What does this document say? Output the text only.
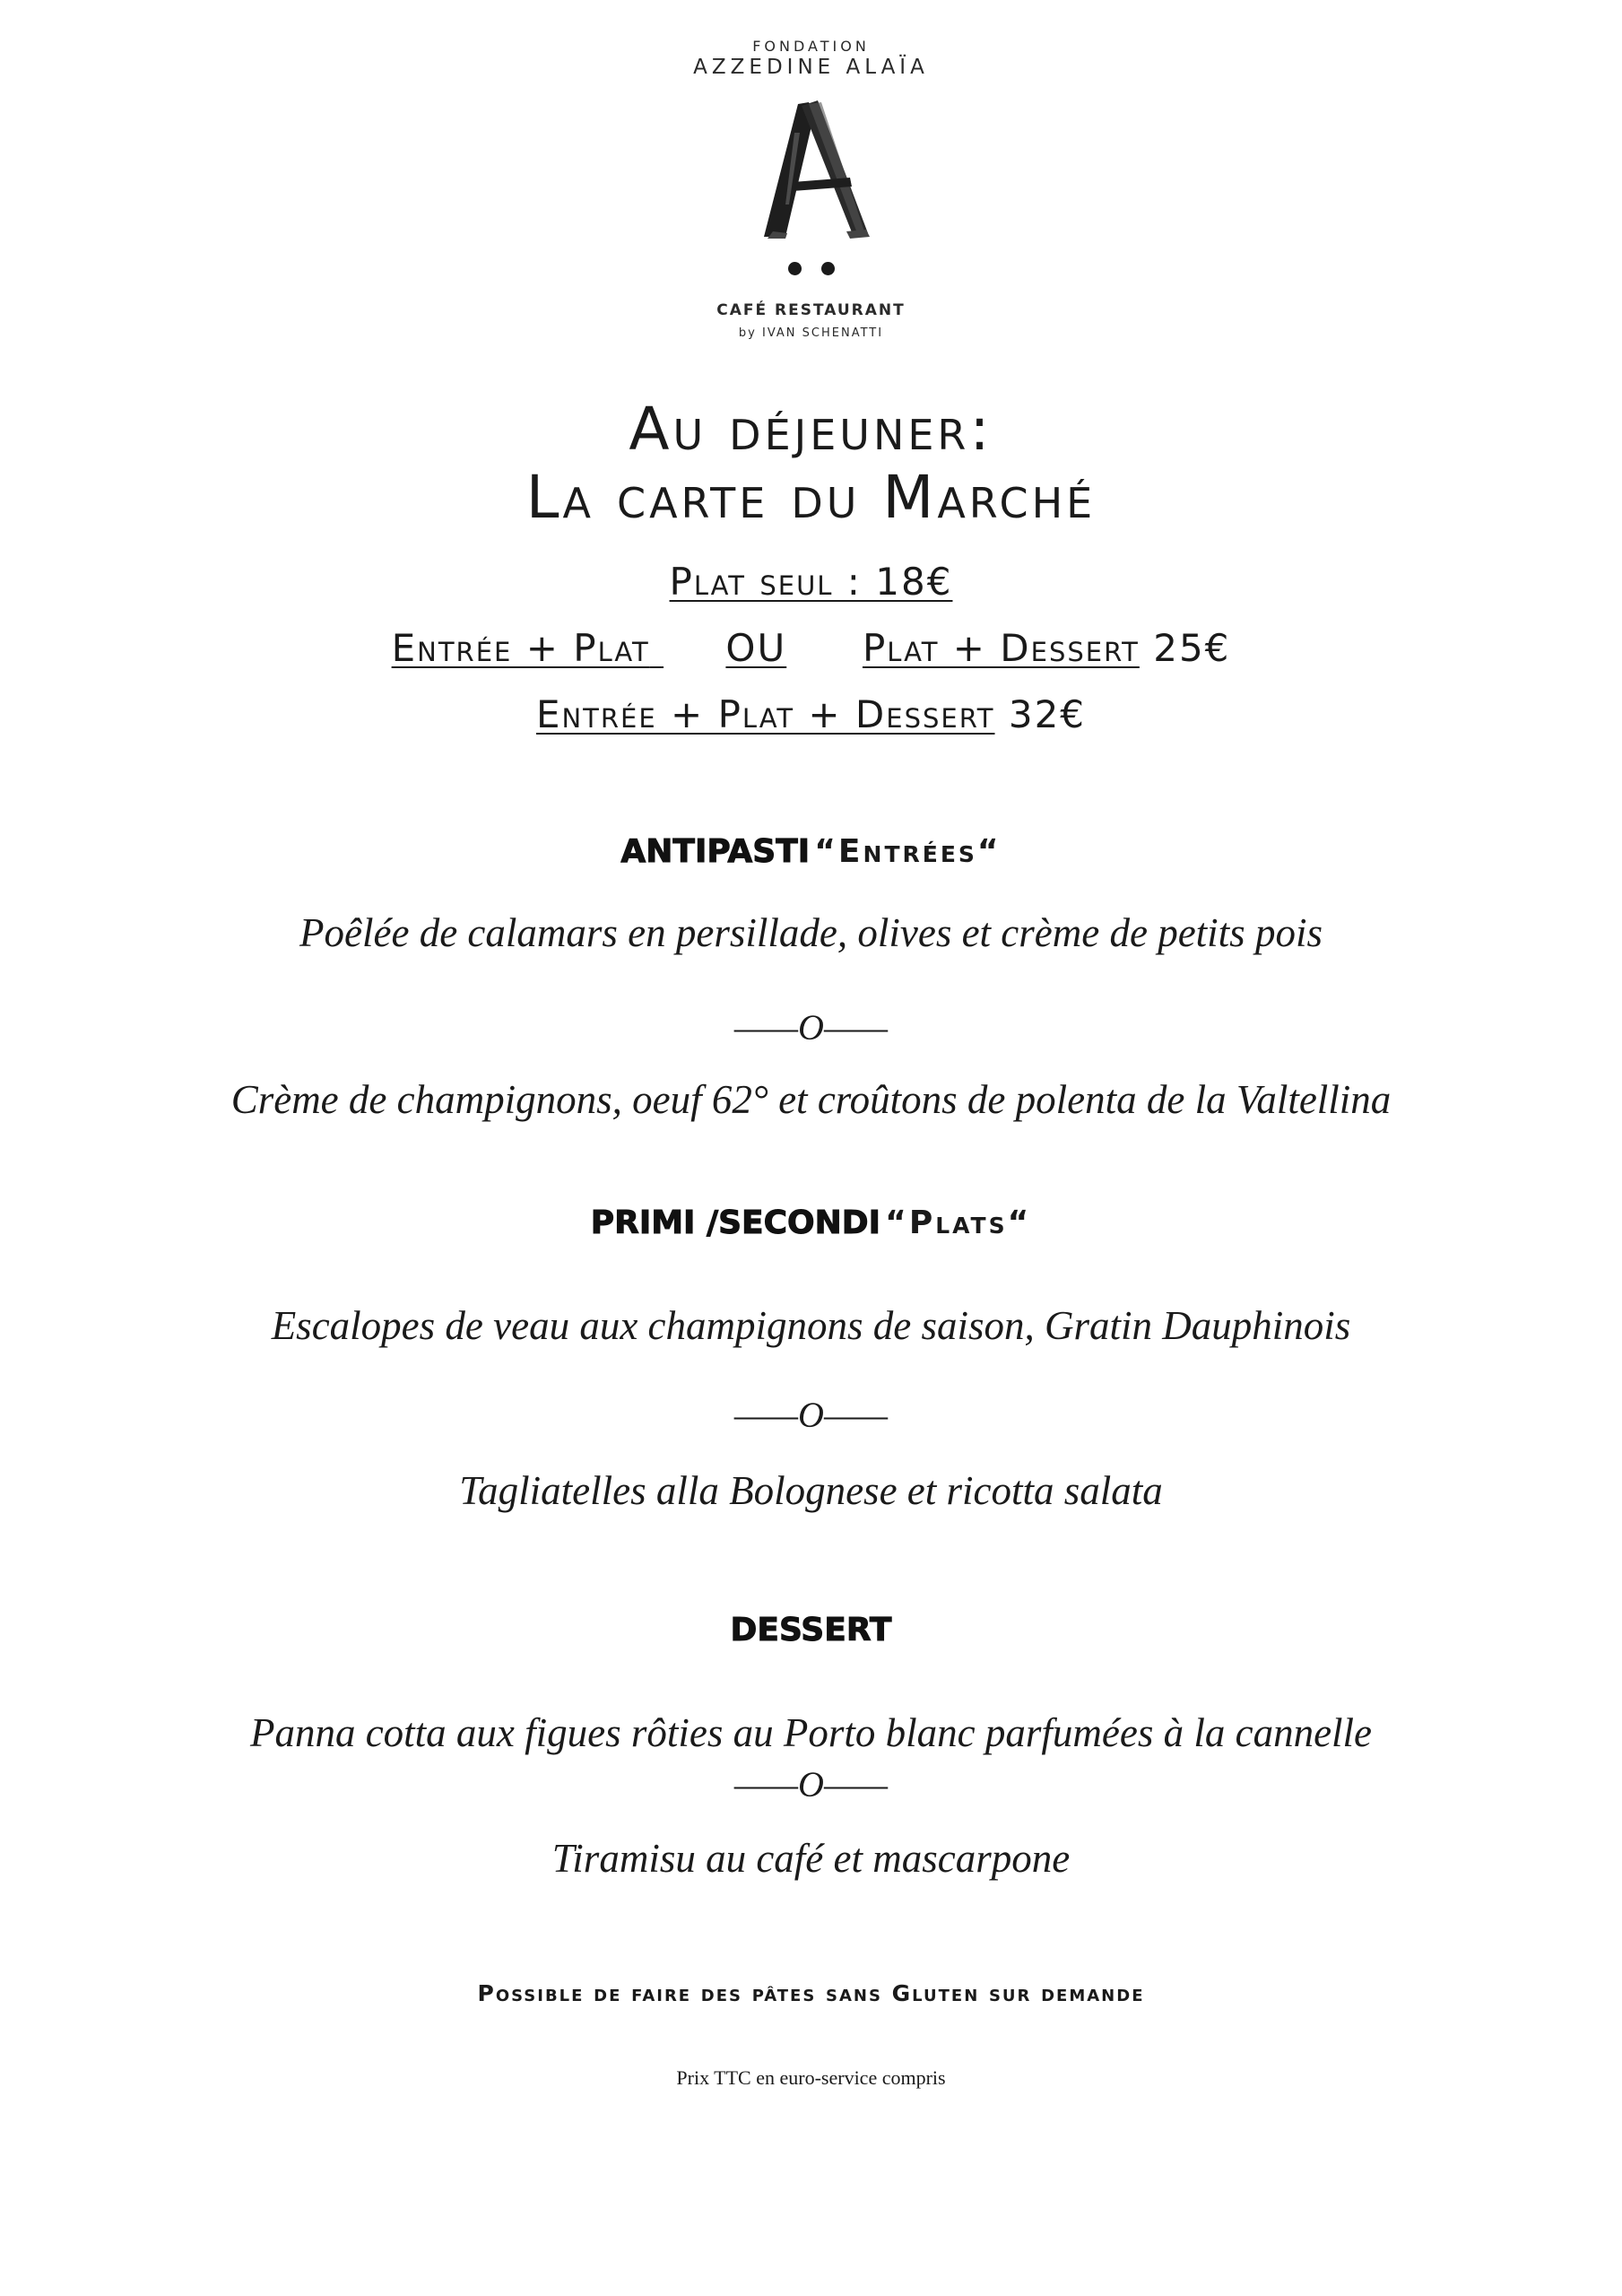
FONDATION
AZZEDINE ALAÏA
CAFÉ RESTAURANT
by IVAN SCHENATTI
Au déjeuner:
La carte du Marché
Plat seul : 18€
Entrée + Plat OU Plat + Dessert 25€
Entrée + Plat + Dessert 32€
ANTIPASTI “Entrées“
Poêlée de calamars en persillade, olives et crème de petits pois
——O——
Crème de champignons, oeuf 62° et croûtons de polenta de la Valtellina
PRIMI /SECONDI “Plats“
Escalopes de veau aux champignons de saison, Gratin Dauphinois
——O——
Tagliatelles alla Bolognese et ricotta salata
DESSERT
Panna cotta aux figues rôties au Porto blanc parfumées à la cannelle
——O——
Tiramisu au café et mascarpone
Possible de faire des pâtes sans Gluten sur demande
Prix TTC en euro-service compris
